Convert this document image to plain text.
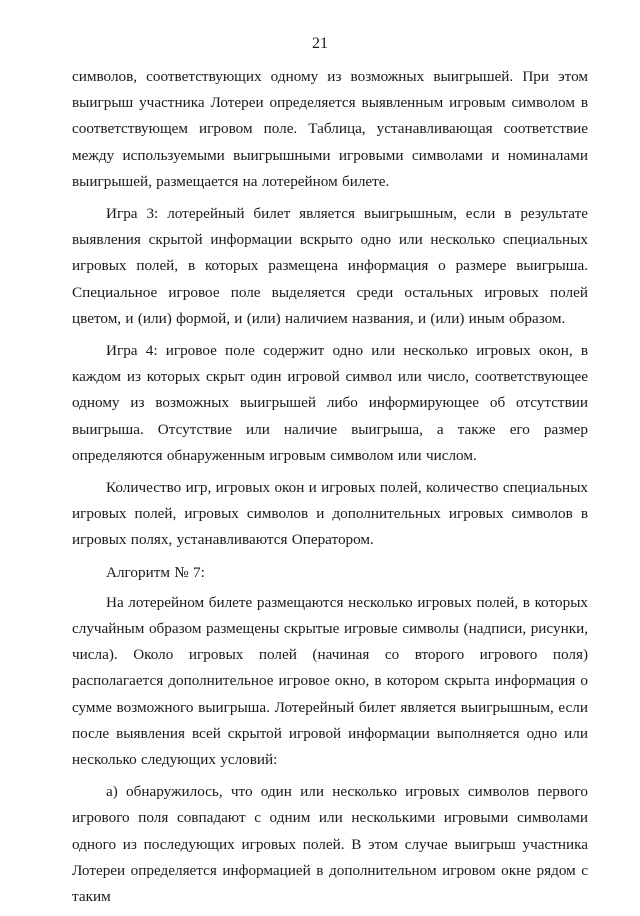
21

символов, соответствующих одному из возможных выигрышей. При этом выигрыш участника Лотереи определяется выявленным игровым символом в соответствующем игровом поле. Таблица, устанавливающая соответствие между используемыми выигрышными игровыми символами и номиналами выигрышей, размещается на лотерейном билете.

Игра 3: лотерейный билет является выигрышным, если в результате выявления скрытой информации вскрыто одно или несколько специальных игровых полей, в которых размещена информация о размере выигрыша. Специальное игровое поле выделяется среди остальных игровых полей цветом, и (или) формой, и (или) наличием названия, и (или) иным образом.

Игра 4: игровое поле содержит одно или несколько игровых окон, в каждом из которых скрыт один игровой символ или число, соответствующее одному из возможных выигрышей либо информирующее об отсутствии выигрыша. Отсутствие или наличие выигрыша, а также его размер определяются обнаруженным игровым символом или числом.

Количество игр, игровых окон и игровых полей, количество специальных игровых полей, игровых символов и дополнительных игровых символов в игровых полях, устанавливаются Оператором.

Алгоритм № 7:

На лотерейном билете размещаются несколько игровых полей, в которых случайным образом размещены скрытые игровые символы (надписи, рисунки, числа). Около игровых полей (начиная со второго игрового поля) располагается дополнительное игровое окно, в котором скрыта информация о сумме возможного выигрыша. Лотерейный билет является выигрышным, если после выявления всей скрытой игровой информации выполняется одно или несколько следующих условий:

а) обнаружилось, что один или несколько игровых символов первого игрового поля совпадают с одним или несколькими игровыми символами одного из последующих игровых полей. В этом случае выигрыш участника Лотереи определяется информацией в дополнительном игровом окне рядом с таким
